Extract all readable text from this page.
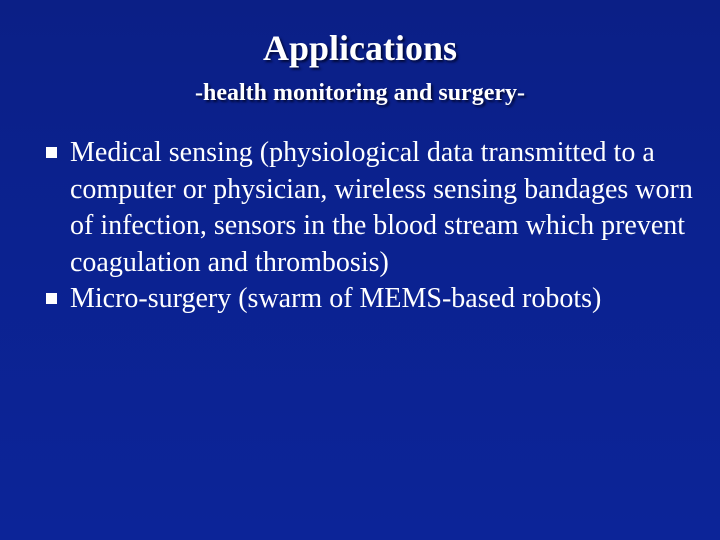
Applications
-health monitoring and surgery-
Medical sensing (physiological data transmitted to a computer or physician, wireless sensing bandages worn of infection, sensors in the blood stream which prevent coagulation and thrombosis)
Micro-surgery (swarm of MEMS-based robots)
